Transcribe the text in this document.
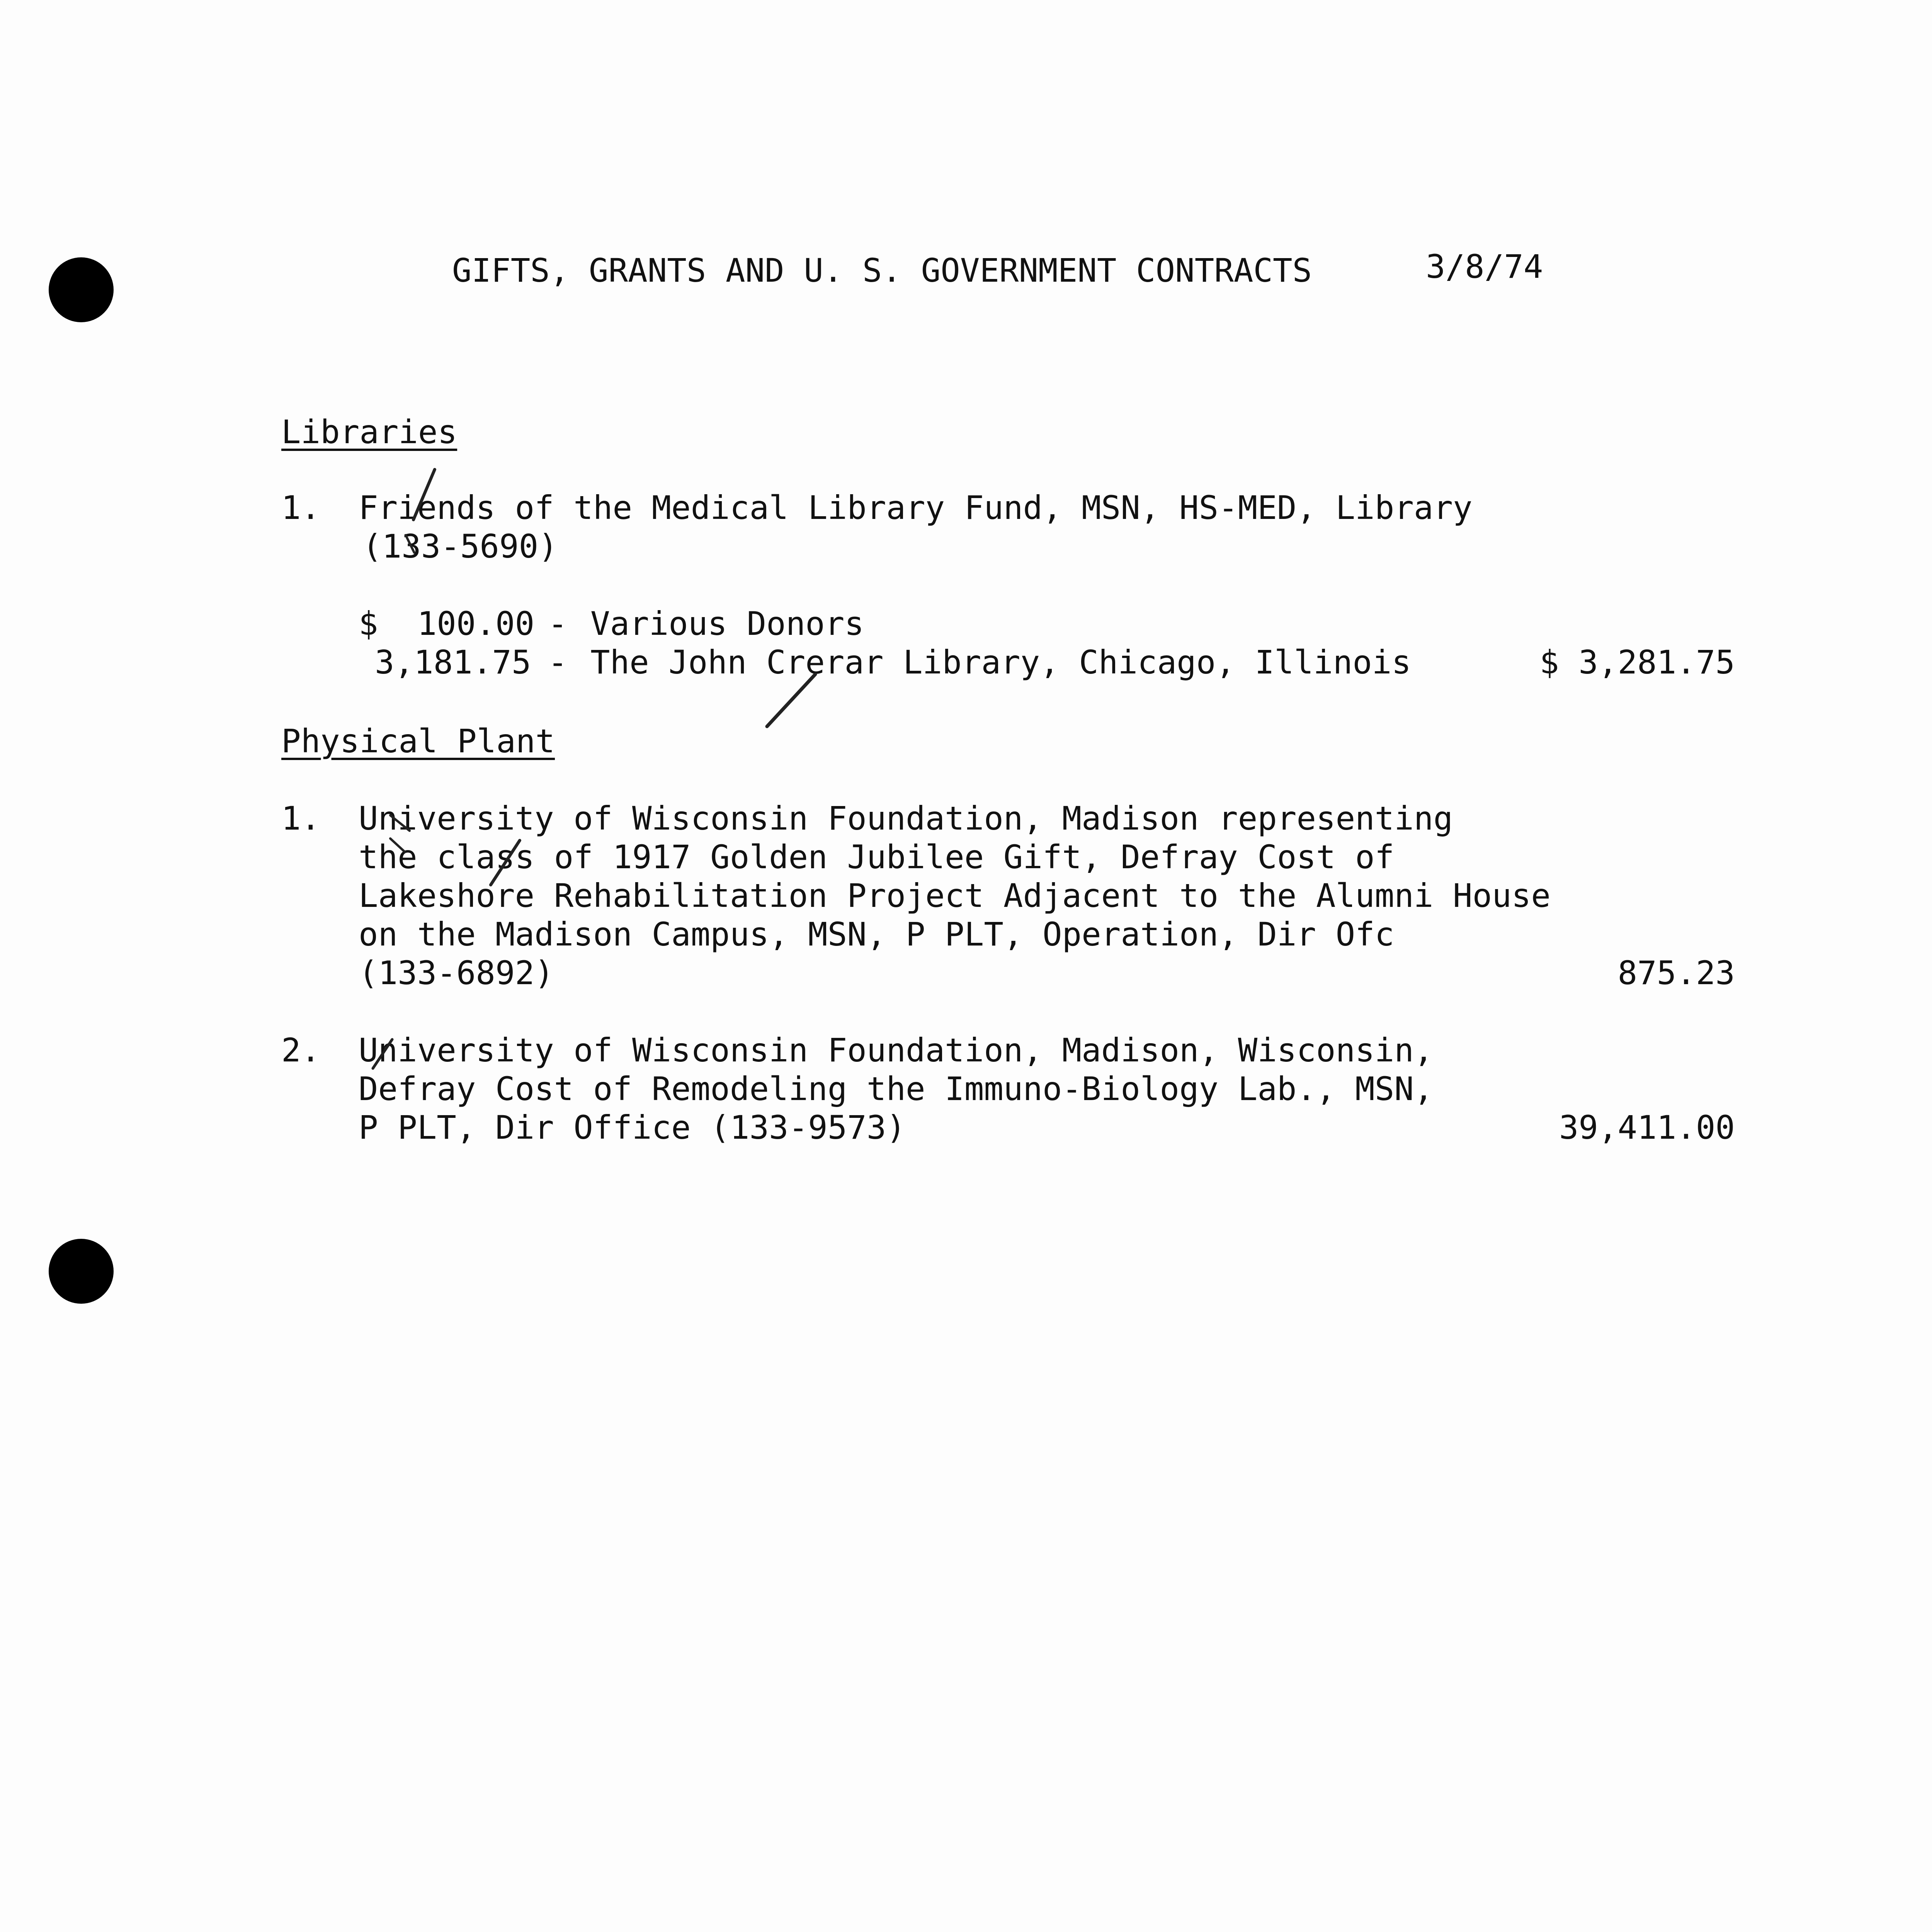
GIFTS, GRANTS AND U. S. GOVERNMENT CONTRACTS	3/8/74
Libraries
1. Friends of the Medical Library Fund, MSN, HS-MED, Library
(133-5690)
$  100.00 - Various Donors
3,181.75 - The John Crerar Library, Chicago, Illinois	$ 3,281.75
Physical Plant
1. University of Wisconsin Foundation, Madison representing
the class of 1917 Golden Jubilee Gift, Defray Cost of
Lakeshore Rehabilitation Project Adjacent to the Alumni House
on the Madison Campus, MSN, P PLT, Operation, Dir Ofc
(133-6892)	875.23
2. University of Wisconsin Foundation, Madison, Wisconsin,
Defray Cost of Remodeling the Immuno-Biology Lab., MSN,
P PLT, Dir Office (133-9573)	39,411.00
